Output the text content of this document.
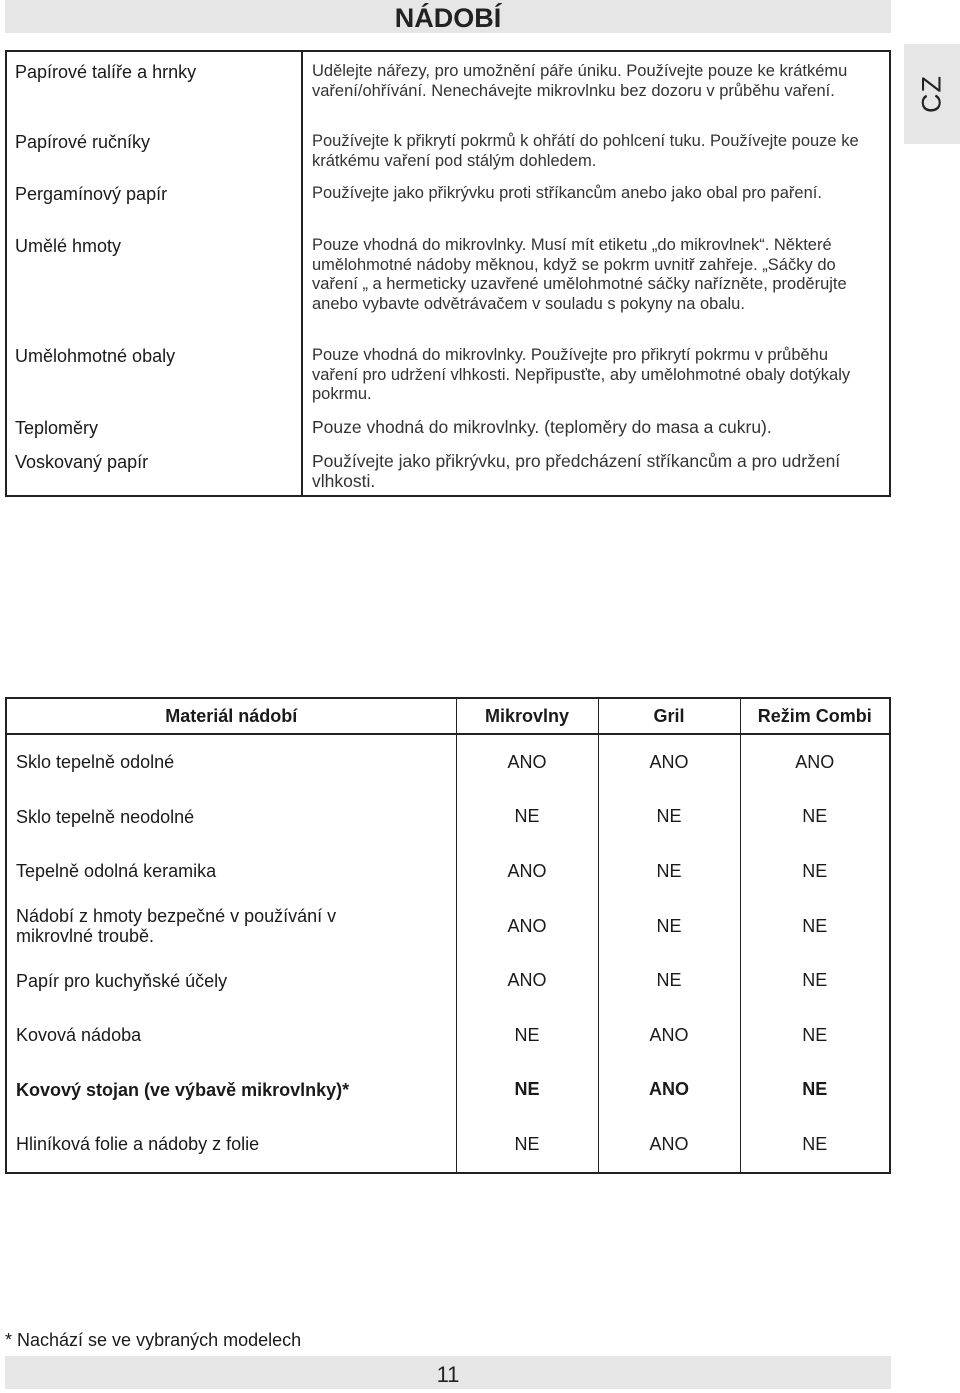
NÁDOBÍ
CZ
Papírové talíře a hrnky	Udělejte nářezy, pro umožnění páře úniku. Používejte pouze ke krátkému vaření/ohřívání. Nenechávejte mikrovlnku bez dozoru v průběhu vaření.
Papírové ručníky	Používejte k přikrytí pokrmů k ohřátí do pohlcení tuku. Používejte pouze ke krátkému vaření pod stálým dohledem.
Pergamínový papír	Používejte jako přikrývku proti stříkancům anebo jako obal pro paření.
Umělé hmoty	Pouze vhodná do mikrovlnky. Musí mít etiketu „do mikrovlnek“. Některé umělohmotné nádoby měknou, když se pokrm uvnitř zahřeje. „Sáčky do vaření „ a hermeticky uzavřené umělohmotné sáčky nařízněte, proděrujte anebo vybavte odvětrávačem v souladu s pokyny na obalu.
Umělohmotné obaly	Pouze vhodná do mikrovlnky. Používejte pro přikrytí pokrmu v průběhu vaření pro udržení vlhkosti. Nepřipusťte, aby umělohmotné obaly dotýkaly pokrmu.
Teploměry	Pouze vhodná do mikrovlnky. (teploměry do masa a cukru).
Voskovaný papír	Používejte jako přikrývku, pro předcházení stříkancům a pro udržení vlhkosti.
Materiál nádobí	Mikrovlny	Gril	Režim Combi
Sklo tepelně odolné	ANO	ANO	ANO
Sklo tepelně neodolné	NE	NE	NE
Tepelně odolná keramika	ANO	NE	NE
Nádobí z hmoty bezpečné v používání v mikrovlné troubě.	ANO	NE	NE
Papír pro kuchyňské účely	ANO	NE	NE
Kovová nádoba	NE	ANO	NE
Kovový stojan (ve výbavě mikrovlnky)*	NE	ANO	NE
Hliníková folie a nádoby z folie	NE	ANO	NE
* Nachází se ve vybraných modelech
11
